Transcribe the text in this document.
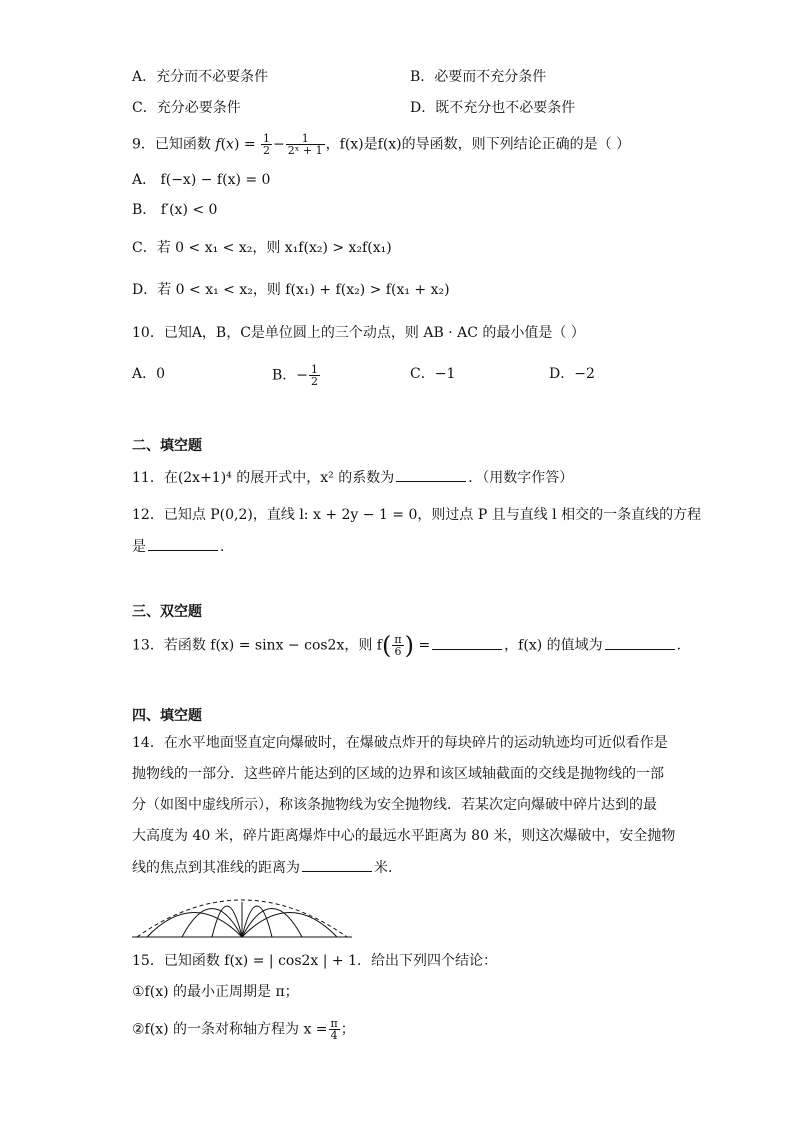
A．充分而不必要条件	B．必要而不充分条件
C．充分必要条件	D．既不充分也不必要条件
9．已知函数 $f(x) = \frac{1}{2} - \frac{1}{\text{2ˣ + 1}}$ ，f(x)是f(x)的导函数，则下列结论正确的是（ ）
A． f(−x) − f(x) = 0
B． f′(x) < 0
C．若 0 < x₁ < x₂，则 x₁f(x₂) > x₂f(x₁)
D．若 0 < x₁ < x₂，则 f(x₁) + f(x₂) > f(x₁ + x₂)
10．已知A，B，C是单位圆上的三个动点，则 AB · AC 的最小值是（ ）
A．0	B．− $\frac{1}{2}$	C．−1	D．−2
二、填空题
11．在(2x+1)⁴ 的展开式中，x² 的系数为	．（用数字作答）
12．已知点 P(0,2)，直线 l: x + 2y − 1 = 0，则过点 P 且与直线 l 相交的一条直线的方程
是	．
三、双空题
13．若函数 f(x) = sinx − cos2x，则 $f( \frac{\pi}{6}$ ) =	，f(x) 的值域为	．
四、填空题
14．在水平地面竖直定向爆破时，在爆破点炸开的每块碎片的运动轨迹均可近似看作是
抛物线的一部分．这些碎片能达到的区域的边界和该区域轴截面的交线是抛物线的一部
分（如图中虚线所示），称该条抛物线为安全抛物线．若某次定向爆破中碎片达到的最
大高度为 40 米，碎片距离爆炸中心的最远水平距离为 80 米，则这次爆破中，安全抛物
线的焦点到其准线的距离为	米．
15．已知函数 f(x) = | cos2x | + 1．给出下列四个结论：
①f(x) 的最小正周期是 π；
②f(x) 的一条对称轴方程为 $x = \frac{\pi}{4}$ ；
